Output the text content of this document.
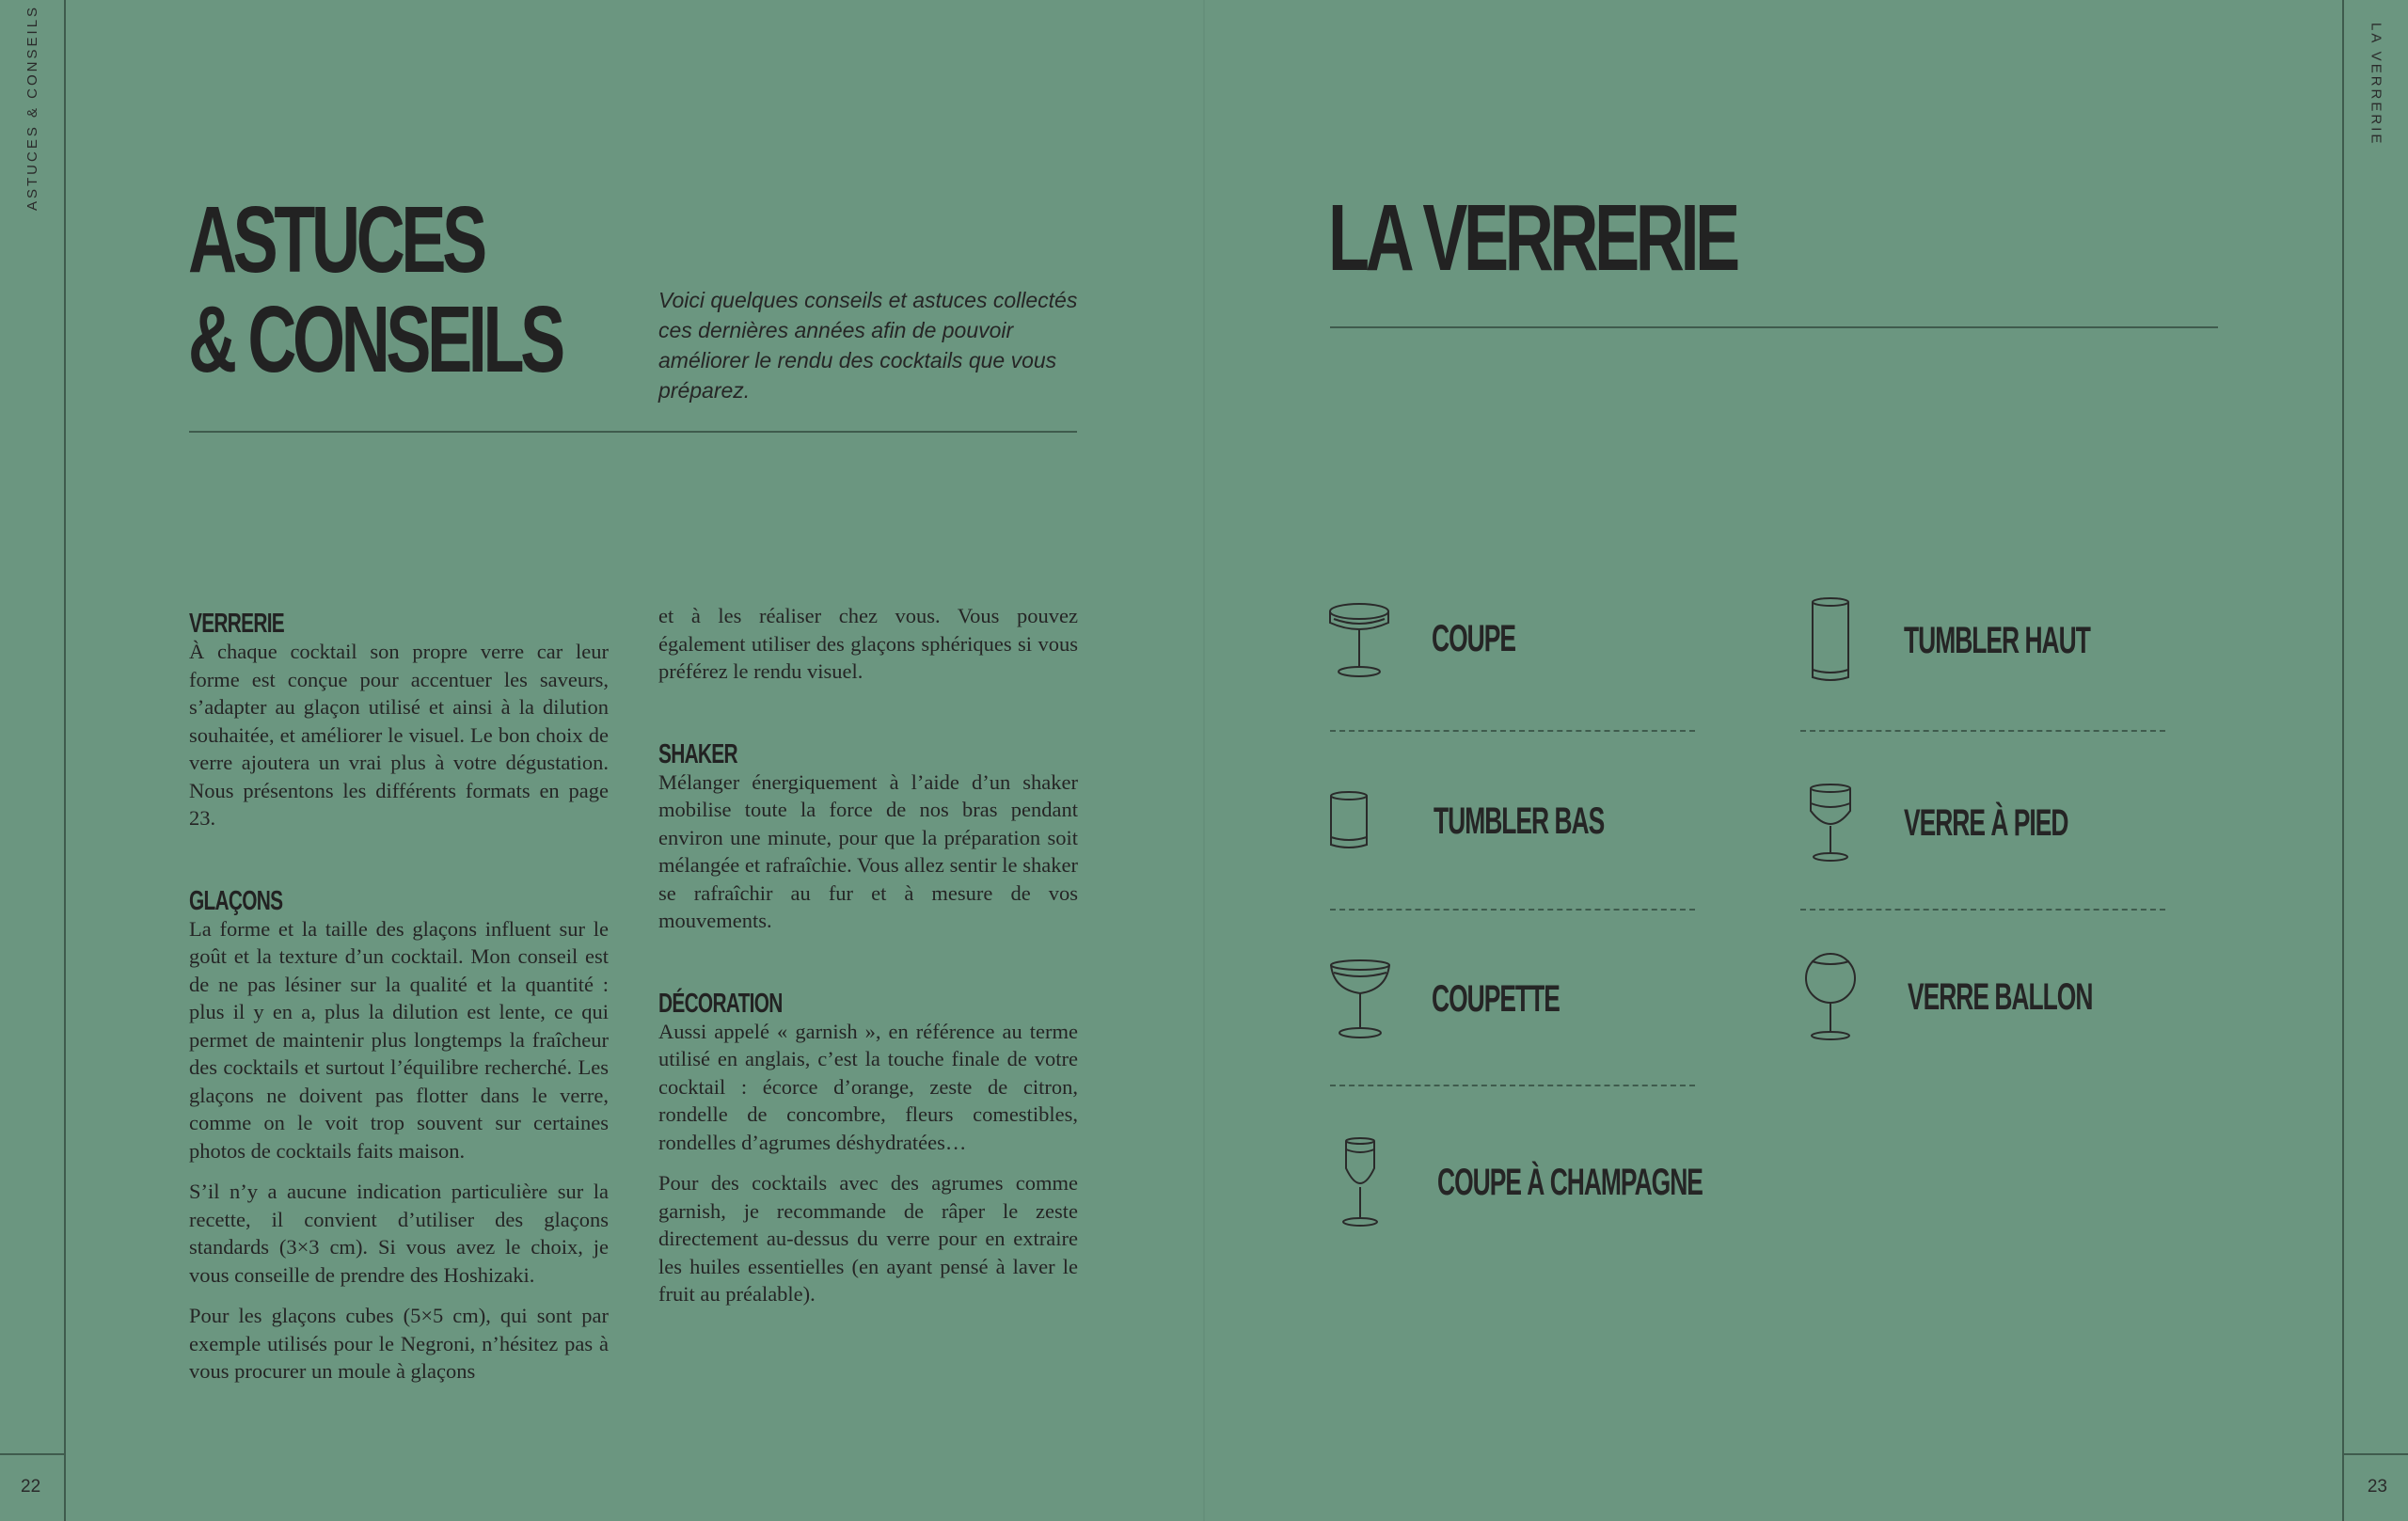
ASTUCES & CONSEILS	LA VERRERIE
22	23
ASTUCES
& CONSEILS	Voici quelques conseils et astuces collectés ces dernières années afin de pouvoir améliorer le rendu des cocktails que vous préparez.

VERRERIE

À chaque cocktail son propre verre car leur forme est conçue pour accentuer les saveurs, s’adapter au glaçon utilisé et ainsi à la dilution souhaitée, et améliorer le visuel. Le bon choix de verre ajoutera un vrai plus à votre dégustation. Nous présentons les différents formats en page 23.

GLAÇONS

La forme et la taille des glaçons influent sur le goût et la texture d’un cocktail. Mon conseil est de ne pas lésiner sur la qualité et la quantité : plus il y en a, plus la dilution est lente, ce qui permet de maintenir plus longtemps la fraîcheur des cocktails et surtout l’équilibre recherché. Les glaçons ne doivent pas flotter dans le verre, comme on le voit trop souvent sur certaines photos de cocktails faits maison.

S’il n’y a aucune indication particulière sur la recette, il convient d’utiliser des glaçons standards (3×3 cm). Si vous avez le choix, je vous conseille de prendre des Hoshizaki.

Pour les glaçons cubes (5×5 cm), qui sont par exemple utilisés pour le Negroni, n’hésitez pas à vous procurer un moule à glaçons

et à les réaliser chez vous. Vous pouvez également utiliser des glaçons sphériques si vous préférez le rendu visuel.

SHAKER

Mélanger énergiquement à l’aide d’un shaker mobilise toute la force de nos bras pendant environ une minute, pour que la préparation soit mélangée et rafraîchie. Vous allez sentir le shaker se rafraîchir au fur et à mesure de vos mouvements.

DÉCORATION

Aussi appelé « garnish », en référence au terme utilisé en anglais, c’est la touche finale de votre cocktail : écorce d’orange, zeste de citron, rondelle de concombre, fleurs comestibles, rondelles d’agrumes déshydratées…

Pour des cocktails avec des agrumes comme garnish, je recommande de râper le zeste directement au-dessus du verre pour en extraire les huiles essentielles (en ayant pensé à laver le fruit au préalable).

LA VERRERIE
COUPE	TUMBLER HAUT
TUMBLER BAS	VERRE À PIED
COUPETTE	VERRE BALLON
COUPE À CHAMPAGNE
